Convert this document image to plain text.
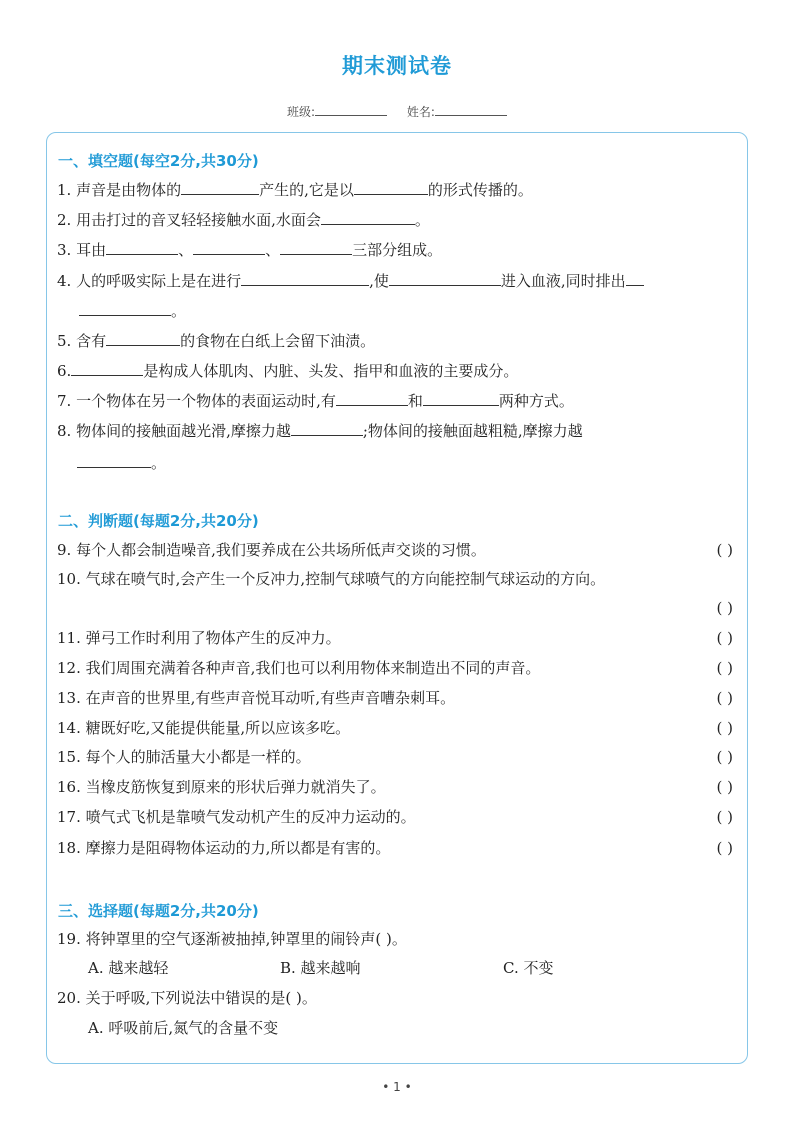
期末测试卷
班级:	姓名:
一、填空题(每空2分,共30分)
1. 声音是由物体的	产生的,它是以	的形式传播的。
2. 用击打过的音叉轻轻接触水面,水面会	。
3. 耳由	、	、	三部分组成。
4. 人的呼吸实际上是在进行	,使	进入血液,同时排出
。
5. 含有	的食物在白纸上会留下油渍。
6.	是构成人体肌肉、内脏、头发、指甲和血液的主要成分。
7. 一个物体在另一个物体的表面运动时,有	和	两种方式。
8. 物体间的接触面越光滑,摩擦力越	;物体间的接触面越粗糙,摩擦力越
。
二、判断题(每题2分,共20分)
9. 每个人都会制造噪音,我们要养成在公共场所低声交谈的习惯。	( )
10. 气球在喷气时,会产生一个反冲力,控制气球喷气的方向能控制气球运动的方向。
( )
11. 弹弓工作时利用了物体产生的反冲力。	( )
12. 我们周围充满着各种声音,我们也可以利用物体来制造出不同的声音。	( )
13. 在声音的世界里,有些声音悦耳动听,有些声音嘈杂刺耳。	( )
14. 糖既好吃,又能提供能量,所以应该多吃。	( )
15. 每个人的肺活量大小都是一样的。	( )
16. 当橡皮筋恢复到原来的形状后弹力就消失了。	( )
17. 喷气式飞机是靠喷气发动机产生的反冲力运动的。	( )
18. 摩擦力是阻碍物体运动的力,所以都是有害的。	( )
三、选择题(每题2分,共20分)
19. 将钟罩里的空气逐渐被抽掉,钟罩里的闹铃声( )。
A. 越来越轻	B. 越来越响	C. 不变
20. 关于呼吸,下列说法中错误的是( )。
A. 呼吸前后,氮气的含量不变
• 1 •
